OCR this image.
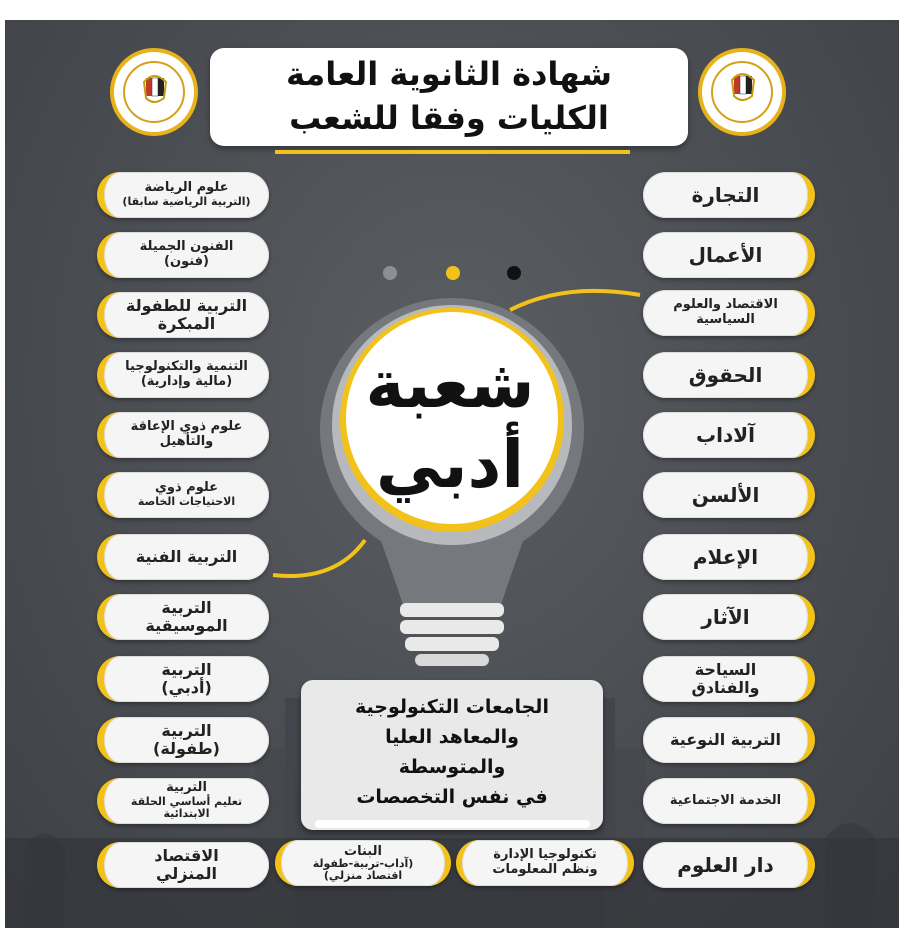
شهادة الثانوية العامة
الكليات وفقا للشعب
شعبة
أدبي
التجارة
الأعمال
الاقتصاد والعلوم السياسية
الحقوق
آلاداب
الألسن
الإعلام
الآثار
السياحة والفنادق
التربية النوعية
الخدمة الاجتماعية
دار العلوم
علوم الرياضة
(التربية الرياضية سابقا)
الفنون الجميلة
(فنون)
التربية للطفولة
المبكرة
التنمية والتكنولوجيا
(مالية وإدارية)
علوم ذوي الإعاقة
والتأهيل
علوم ذوي
الاحتياجات الخاصة
التربية الفنية
التربية
الموسيقية
التربية
(أدبي)
التربية
(طفولة)
التربية
تعليم أساسي الحلقة الابتدائية
الاقتصاد المنزلي
تكنولوجيا الإدارة
ونظم المعلومات
البنات
(آداب-تربية-طفولة
اقتصاد منزلي)
الجامعات التكنولوجية
والمعاهد العليا
والمتوسطة
في نفس التخصصات
